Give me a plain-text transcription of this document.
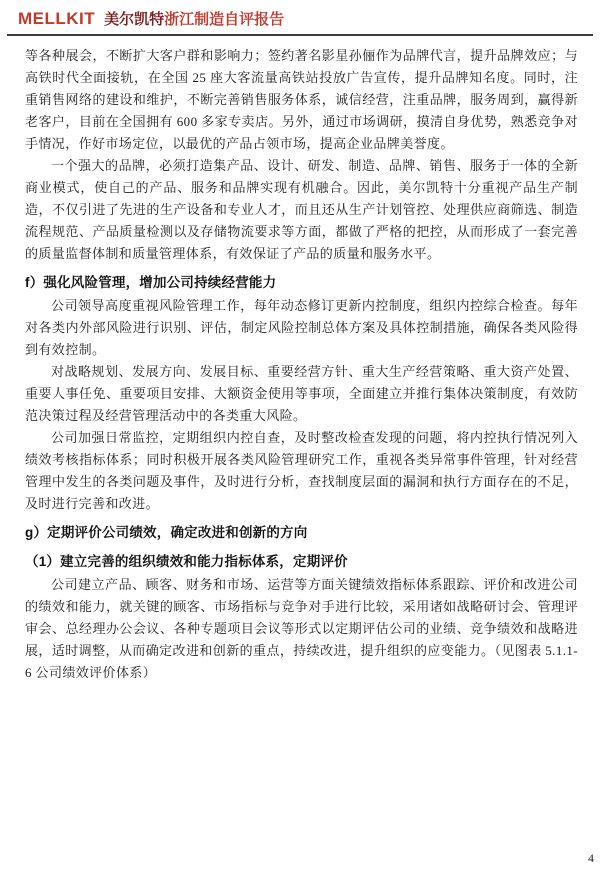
MELLKIT 美尔凯特浙江制造自评报告

等各种展会，不断扩大客户群和影响力；签约著名影星孙俪作为品牌代言，提升品牌效应；与高铁时代全面接轨，在全国 25 座大客流量高铁站投放广告宣传，提升品牌知名度。同时，注重销售网络的建设和维护，不断完善销售服务体系，诚信经营，注重品牌，服务周到，赢得新老客户，目前在全国拥有 600 多家专卖店。另外，通过市场调研，摸清自身优势，熟悉竞争对手情况，作好市场定位，以最优的产品占领市场，提高企业品牌美誉度。

一个强大的品牌，必须打造集产品、设计、研发、制造、品牌、销售、服务于一体的全新商业模式，使自己的产品、服务和品牌实现有机融合。因此，美尔凯特十分重视产品生产制造，不仅引进了先进的生产设备和专业人才，而且还从生产计划管控、处理供应商筛选、制造流程规范、产品质量检测以及存储物流要求等方面，都做了严格的把控，从而形成了一套完善的质量监督体制和质量管理体系，有效保证了产品的质量和服务水平。

f）强化风险管理，增加公司持续经营能力

公司领导高度重视风险管理工作，每年动态修订更新内控制度，组织内控综合检查。每年对各类内外部风险进行识别、评估，制定风险控制总体方案及具体控制措施，确保各类风险得到有效控制。

对战略规划、发展方向、发展目标、重要经营方针、重大生产经营策略、重大资产处置、重要人事任免、重要项目安排、大额资金使用等事项，全面建立并推行集体决策制度，有效防范决策过程及经营管理活动中的各类重大风险。

公司加强日常监控，定期组织内控自查，及时整改检查发现的问题，将内控执行情况列入绩效考核指标体系；同时积极开展各类风险管理研究工作，重视各类异常事件管理，针对经营管理中发生的各类问题及事件，及时进行分析，查找制度层面的漏洞和执行方面存在的不足，及时进行完善和改进。

g）定期评价公司绩效，确定改进和创新的方向
（1）建立完善的组织绩效和能力指标体系，定期评价

公司建立产品、顾客、财务和市场、运营等方面关键绩效指标体系跟踪、评价和改进公司的绩效和能力，就关键的顾客、市场指标与竞争对手进行比较，采用诸如战略研讨会、管理评审会、总经理办公会议、各种专题项目会议等形式以定期评估公司的业绩、竞争绩效和战略进展，适时调整，从而确定改进和创新的重点，持续改进，提升组织的应变能力。（见图表 5.1.1-6 公司绩效评价体系）

4
